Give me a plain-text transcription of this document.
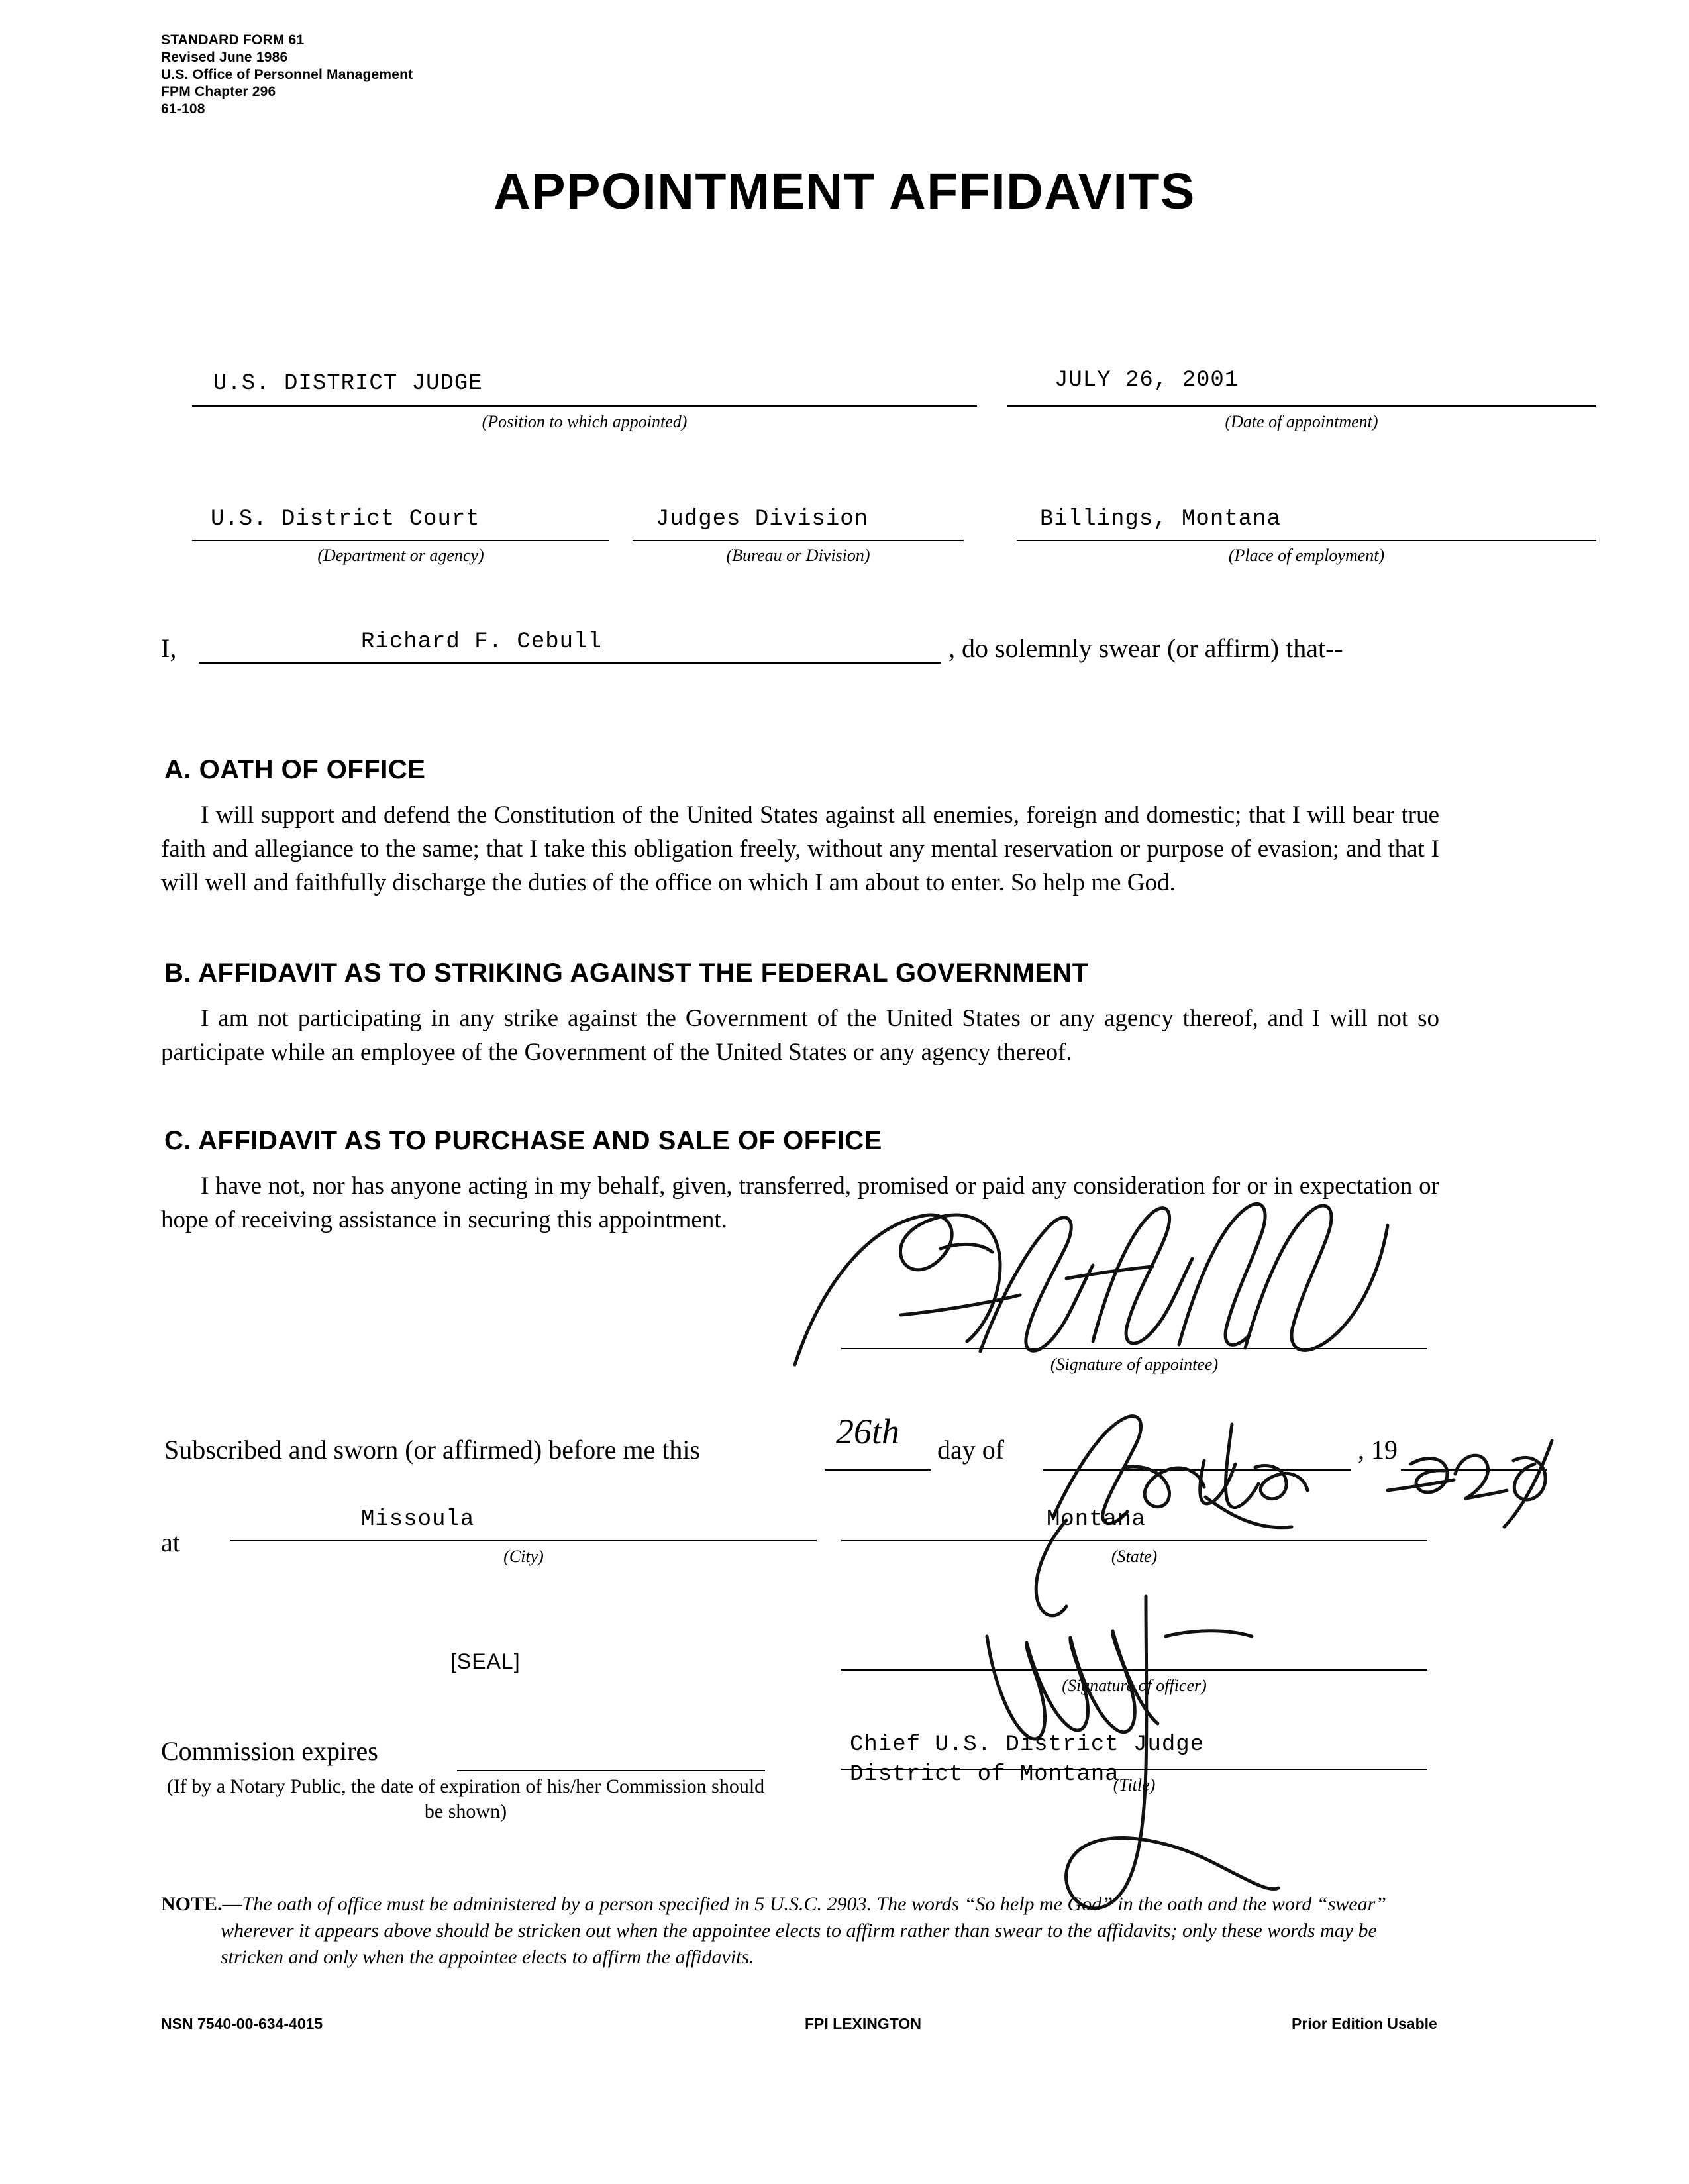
STANDARD FORM 61
Revised June 1986
U.S. Office of Personnel Management
FPM Chapter 296
61-108
APPOINTMENT AFFIDAVITS
U.S. DISTRICT JUDGE
(Position to which appointed)
JULY 26, 2001
(Date of appointment)
U.S. District Court
(Department or agency)
Judges Division
(Bureau or Division)
Billings, Montana
(Place of employment)
I,	Richard F. Cebull	, do solemnly swear (or affirm) that--
A. OATH OF OFFICE

I will support and defend the Constitution of the United States against all enemies, foreign and domestic; that I will bear true faith and allegiance to the same; that I take this obligation freely, without any mental reservation or purpose of evasion; and that I will well and faithfully discharge the duties of the office on which I am about to enter. So help me God.

B. AFFIDAVIT AS TO STRIKING AGAINST THE FEDERAL GOVERNMENT

I am not participating in any strike against the Government of the United States or any agency thereof, and I will not so participate while an employee of the Government of the United States or any agency thereof.

C. AFFIDAVIT AS TO PURCHASE AND SALE OF OFFICE

I have not, nor has anyone acting in my behalf, given, transferred, promised or paid any consideration for or in expectation or hope of receiving assistance in securing this appointment.

(Signature of appointee)
Subscribed and sworn (or affirmed) before me this	day of	, 19
26th
at
Missoula
(City)
Montana
(State)
[SEAL]
(Signature of officer)
Commission expires
(If by a Notary Public, the date of expiration of his/her Commission should be shown)
Chief U.S. District Judge
District of Montana
(Title)
NOTE.—The oath of office must be administered by a person specified in 5 U.S.C. 2903. The words “So help me God” in the oath and the word “swear” wherever it appears above should be stricken out when the appointee elects to affirm rather than swear to the affidavits; only these words may be stricken and only when the appointee elects to affirm the affidavits.
NSN 7540-00-634-4015	FPI LEXINGTON	Prior Edition Usable
